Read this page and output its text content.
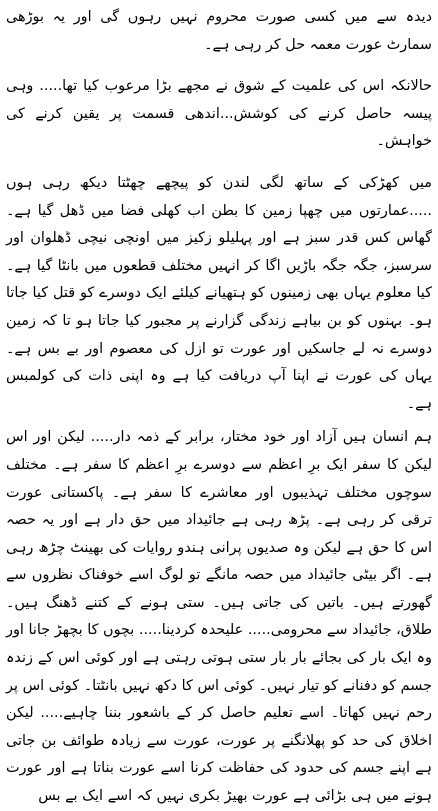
دیدہ سے میں کسی صورت محروم نہیں رہوں گی اور یہ بوڑھی سمارٹ عورت معمہ حل کر رہی ہے۔

حالانکہ اس کی علمیت کے شوق نے مجھے بڑا مرعوب کیا تھا..... وہی پیسہ حاصل کرنے کی کوشش...اندھی قسمت پر یقین کرنے کی خواہش۔

میں کھڑکی کے ساتھ لگی لندن کو پیچھے چھٹتا دیکھ رہی ہوں .....عمارتوں میں چھپا زمین کا بطن اب کھلی فضا میں ڈھل گیا ہے۔ گھاس کس قدر سبز ہے اور پہلیلو زکیز میں اونچی نیچی ڈھلوان اور سرسبز، جگہ جگہ باڑیں اگا کر انہیں مختلف قطعوں میں بانٹا گیا ہے۔ کیا معلوم یہاں بھی زمینوں کو ہتھیانے کیلئے ایک دوسرے کو قتل کیا جاتا ہو۔ بہنوں کو بن بیاہے زندگی گزارنے پر مجبور کیا جاتا ہو تا کہ زمین دوسرے نہ لے جاسکیں اور عورت تو ازل کی معصوم اور بے بس ہے۔ یہاں کی عورت نے اپنا آپ دریافت کیا ہے وہ اپنی ذات کی کولمبس ہے۔

ہم انسان ہیں آزاد اور خود مختار، برابر کے ذمہ دار..... لیکن اور اس لیکن کا سفر ایک برِ اعظم سے دوسرے برِ اعظم کا سفر ہے۔ مختلف سوچوں مختلف تہذیبوں اور معاشرے کا سفر ہے۔ پاکستانی عورت ترقی کر رہی ہے۔ پڑھ رہی ہے جائیداد میں حق دار ہے اور یہ حصہ اس کا حق ہے لیکن وہ صدیوں پرانی ہندو روایات کی بھینٹ چڑھ رہی ہے۔ اگر بیٹی جائیداد میں حصہ مانگے تو لوگ اسے خوفناک نظروں سے گھورتے ہیں۔ باتیں کی جاتی ہیں۔ ستی ہونے کے کتنے ڈھنگ ہیں۔ طلاق، جائیداد سے محرومی..... علیحدہ کردینا..... بچوں کا بچھڑ جانا اور وہ ایک بار کی بجائے بار بار ستی ہوتی رہتی ہے اور کوئی اس کے زندہ جسم کو دفنانے کو تیار نہیں۔ کوئی اس کا دکھ نہیں بانٹتا۔ کوئی اس پر رحم نہیں کھاتا۔ اسے تعلیم حاصل کر کے باشعور بننا چاہیے..... لیکن اخلاق کی حد کو پھلانگنے پر عورت، عورت سے زیادہ طوائف بن جاتی ہے اپنے جسم کی حدود کی حفاظت کرنا اسے عورت بناتا ہے اور عورت ہونے میں ہی بڑائی ہے عورت بھیڑ بکری نہیں کہ اسے ایک بے بس
